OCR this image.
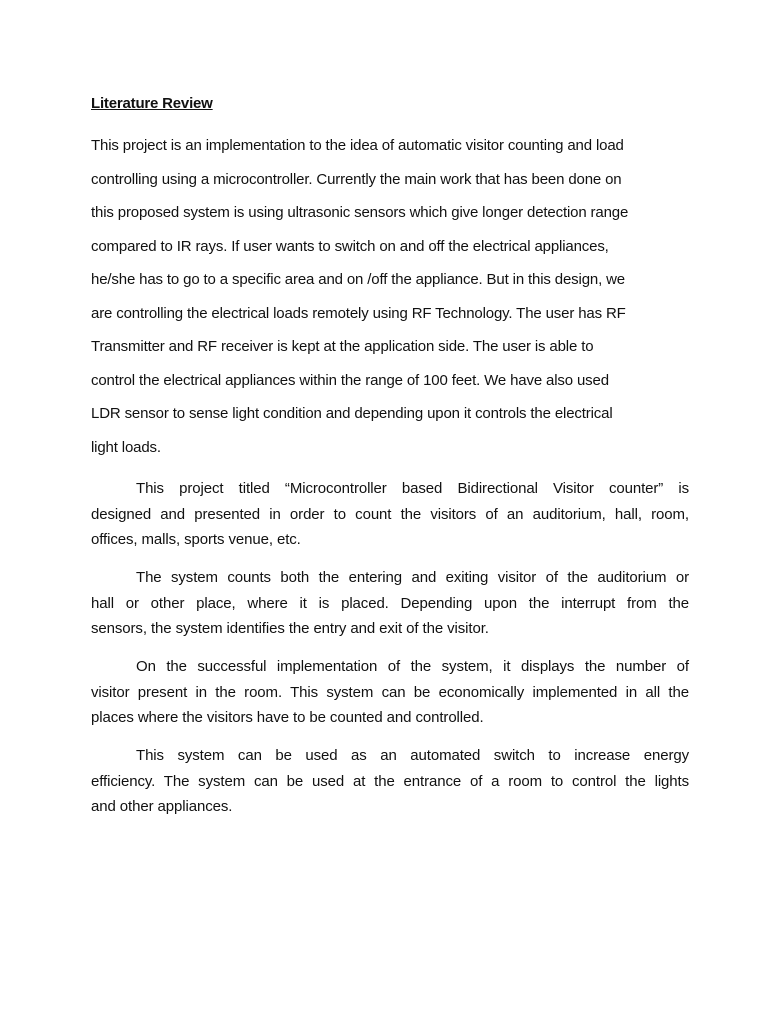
Literature Review
This project is an implementation to the idea of automatic visitor counting and load
controlling using a microcontroller. Currently the main work that has been done on
this proposed system is using ultrasonic sensors which give longer detection range
compared to IR rays. If user wants to switch on and off the electrical appliances,
he/she has to go to a specific area and on /off the appliance. But in this design, we
are controlling the electrical loads remotely using RF Technology. The user has RF
Transmitter and RF receiver is kept at the application side. The user is able to
control the electrical appliances within the range of 100 feet. We have also used
LDR sensor to sense light condition and depending upon it controls the electrical
light loads.
This project titled “Microcontroller based Bidirectional Visitor counter” is
designed and presented in order to count the visitors of an auditorium, hall, room,
offices, malls, sports venue, etc.
The system counts both the entering and exiting visitor of the auditorium or
hall or other place, where it is placed. Depending upon the interrupt from the
sensors, the system identifies the entry and exit of the visitor.
On the successful implementation of the system, it displays the number of
visitor present in the room. This system can be economically implemented in all the
places where the visitors have to be counted and controlled.
This system can be used as an automated switch to increase energy
efficiency. The system can be used at the entrance of a room to control the lights
and other appliances.
